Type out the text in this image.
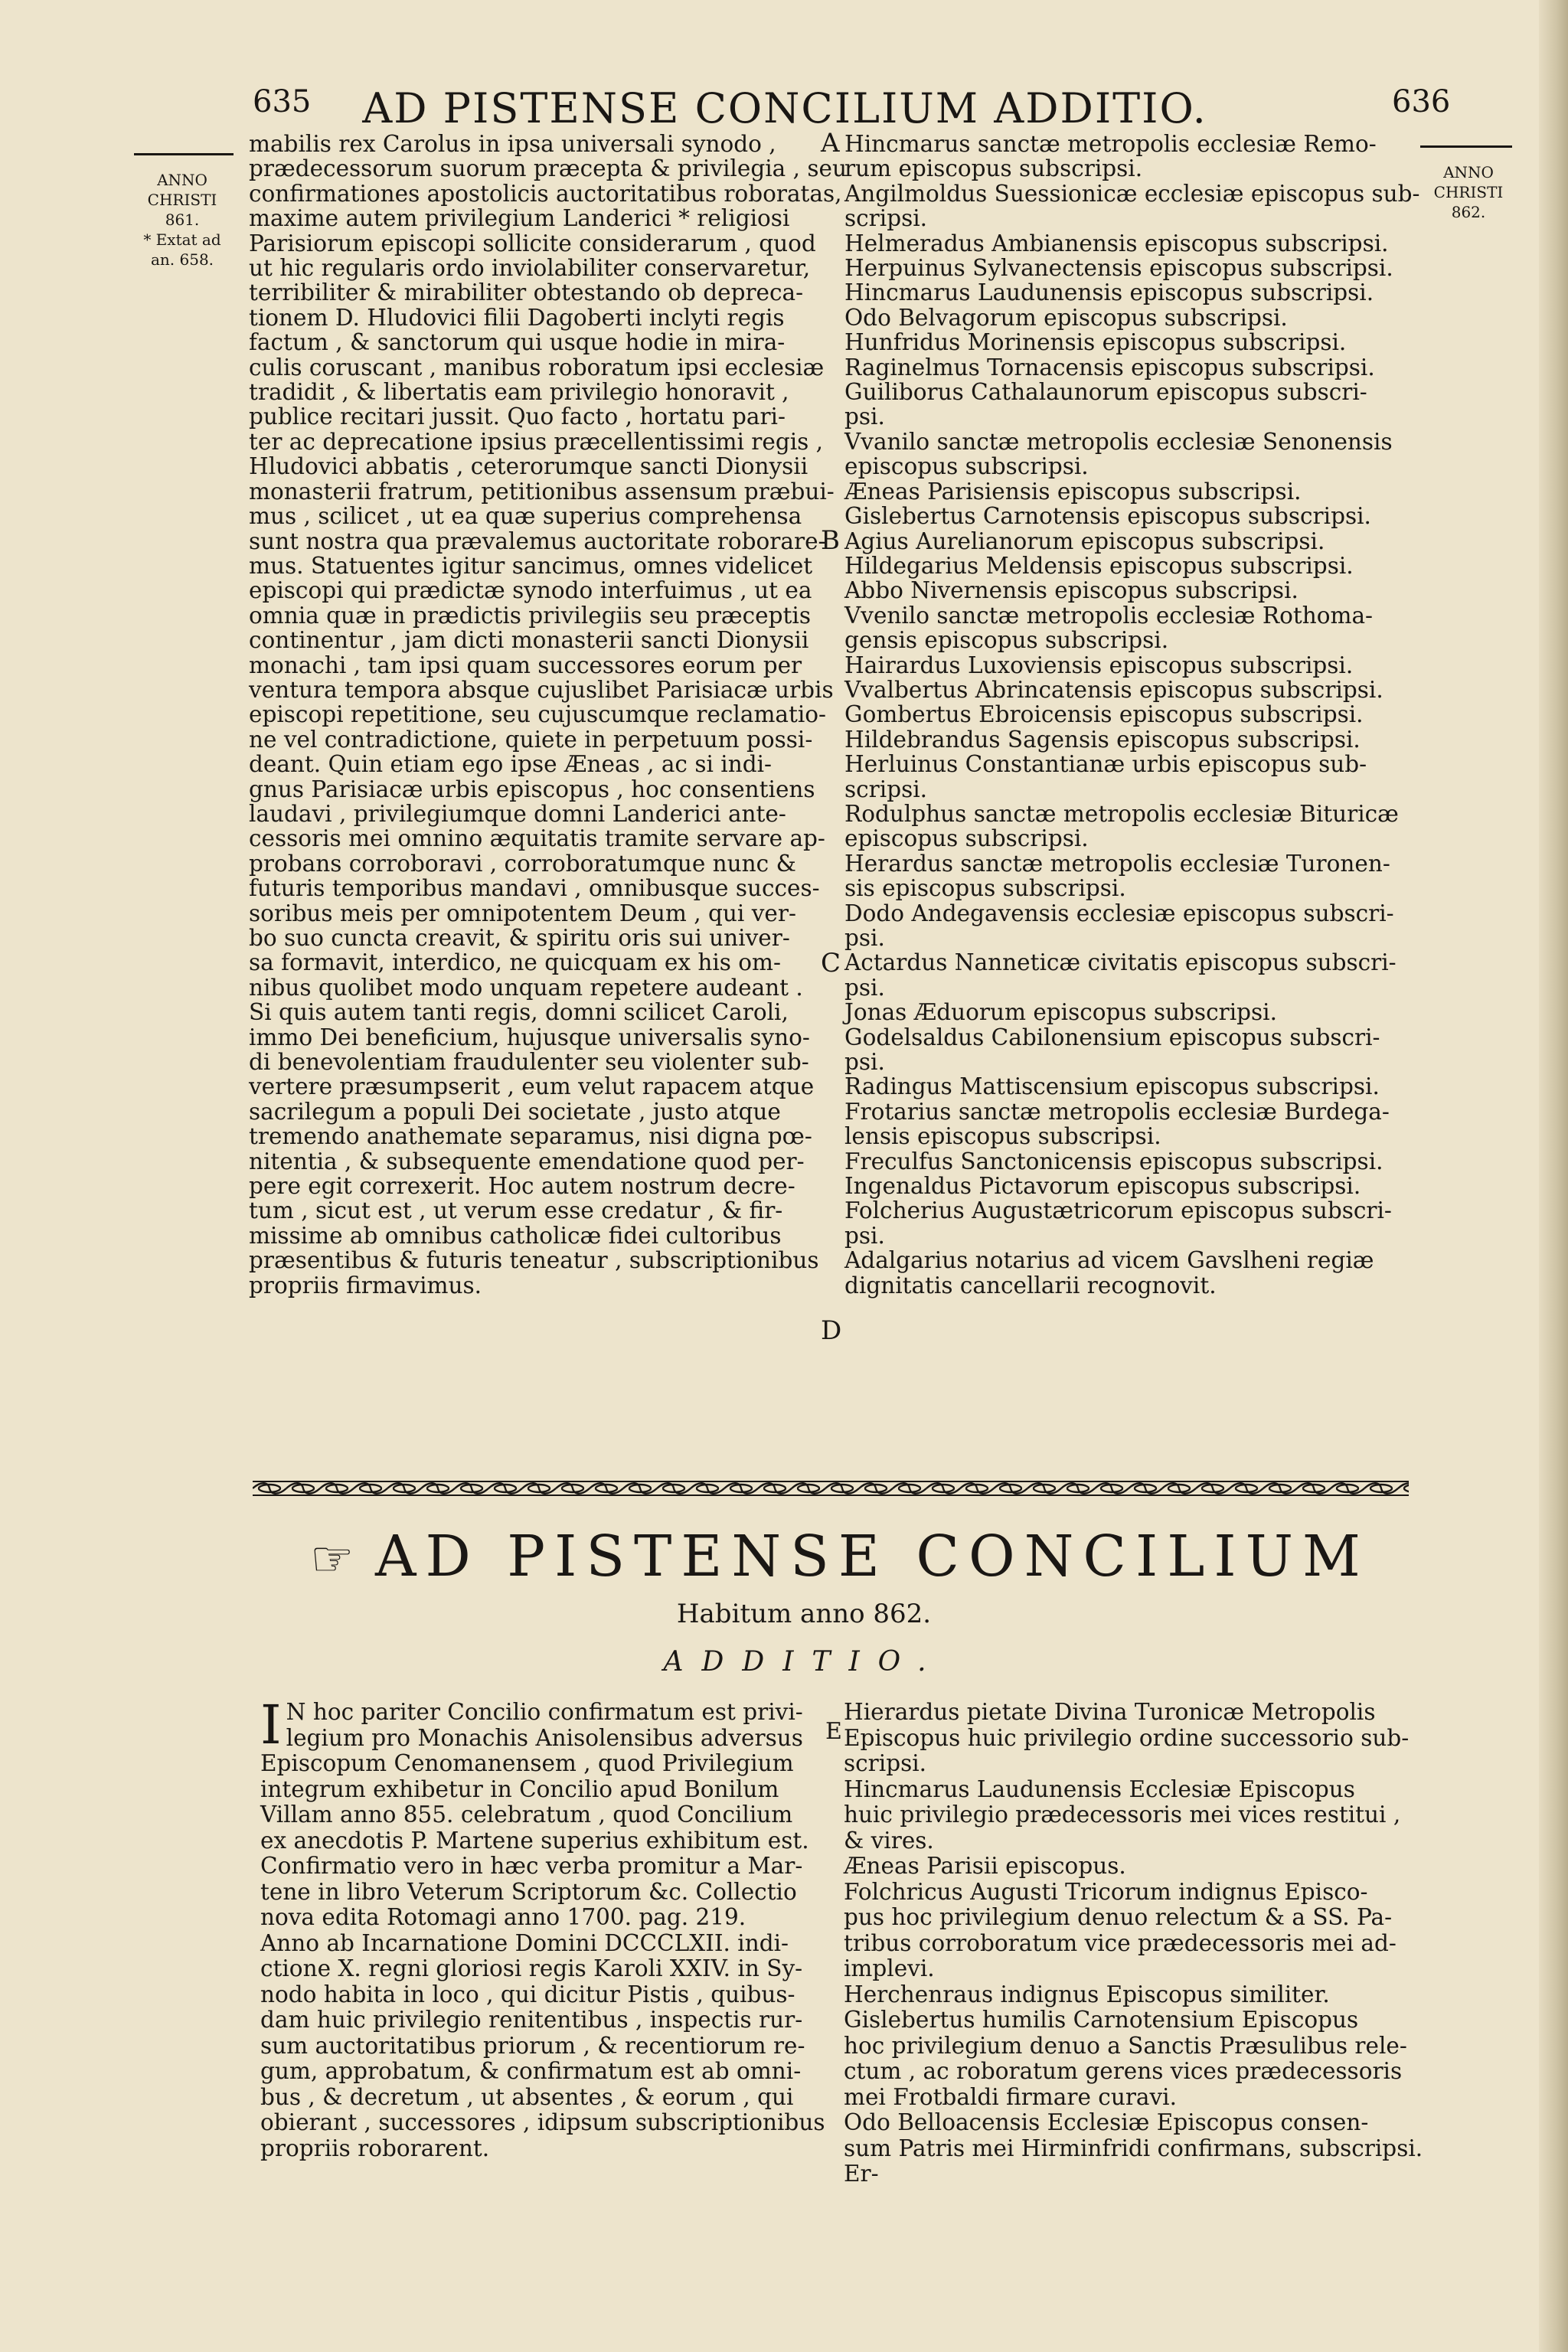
635	AD PISTENSE CONCILIUM ADDITIO.	636
ANNO
CHRISTI
861.
* Extat ad
an. 658.
ANNO
CHRISTI
862.

mabilis rex Carolus in ipsa universali synodo ,

prædecessorum suorum præcepta & privilegia , seu

confirmationes apostolicis auctoritatibus roboratas,

maxime autem privilegium Landerici * religiosi

Parisiorum episcopi sollicite considerarum , quod

ut hic regularis ordo inviolabiliter conservaretur,

terribiliter & mirabiliter obtestando ob depreca-

tionem D. Hludovici filii Dagoberti inclyti regis

factum , & sanctorum qui usque hodie in mira-

culis coruscant , manibus roboratum ipsi ecclesiæ

tradidit , & libertatis eam privilegio honoravit ,

publice recitari jussit. Quo facto , hortatu pari-

ter ac deprecatione ipsius præcellentissimi regis ,

Hludovici abbatis , ceterorumque sancti Dionysii

monasterii fratrum, petitionibus assensum præbui-

mus , scilicet , ut ea quæ superius comprehensa

sunt nostra qua prævalemus auctoritate roborare-

mus. Statuentes igitur sancimus, omnes videlicet

episcopi qui prædictæ synodo interfuimus , ut ea

omnia quæ in prædictis privilegiis seu præceptis

continentur , jam dicti monasterii sancti Dionysii

monachi , tam ipsi quam successores eorum per

ventura tempora absque cujuslibet Parisiacæ urbis

episcopi repetitione, seu cujuscumque reclamatio-

ne vel contradictione, quiete in perpetuum possi-

deant. Quin etiam ego ipse Æneas , ac si indi-

gnus Parisiacæ urbis episcopus , hoc consentiens

laudavi , privilegiumque domni Landerici ante-

cessoris mei omnino æquitatis tramite servare ap-

probans corroboravi , corroboratumque nunc &

futuris temporibus mandavi , omnibusque succes-

soribus meis per omnipotentem Deum , qui ver-

bo suo cuncta creavit, & spiritu oris sui univer-

sa formavit, interdico, ne quicquam ex his om-

nibus quolibet modo unquam repetere audeant .

Si quis autem tanti regis, domni scilicet Caroli,

immo Dei beneficium, hujusque universalis syno-

di benevolentiam fraudulenter seu violenter sub-

vertere præsumpserit , eum velut rapacem atque

sacrilegum a populi Dei societate , justo atque

tremendo anathemate separamus, nisi digna pœ-

nitentia , & subsequente emendatione quod per-

pere egit correxerit. Hoc autem nostrum decre-

tum , sicut est , ut verum esse credatur , & fir-

missime ab omnibus catholicæ fidei cultoribus

præsentibus & futuris teneatur , subscriptionibus

propriis firmavimus.

A
B
C
D

Hincmarus sanctæ metropolis ecclesiæ Remo-

rum episcopus subscripsi.

Angilmoldus Suessionicæ ecclesiæ episcopus sub-

scripsi.

Helmeradus Ambianensis episcopus subscripsi.

Herpuinus Sylvanectensis episcopus subscripsi.

Hincmarus Laudunensis episcopus subscripsi.

Odo Belvagorum episcopus subscripsi.

Hunfridus Morinensis episcopus subscripsi.

Raginelmus Tornacensis episcopus subscripsi.

Guiliborus Cathalaunorum episcopus subscri-

psi.

Vvanilo sanctæ metropolis ecclesiæ Senonensis

episcopus subscripsi.

Æneas Parisiensis episcopus subscripsi.

Gislebertus Carnotensis episcopus subscripsi.

Agius Aurelianorum episcopus subscripsi.

Hildegarius Meldensis episcopus subscripsi.

Abbo Nivernensis episcopus subscripsi.

Vvenilo sanctæ metropolis ecclesiæ Rothoma-

gensis episcopus subscripsi.

Hairardus Luxoviensis episcopus subscripsi.

Vvalbertus Abrincatensis episcopus subscripsi.

Gombertus Ebroicensis episcopus subscripsi.

Hildebrandus Sagensis episcopus subscripsi.

Herluinus Constantianæ urbis episcopus sub-

scripsi.

Rodulphus sanctæ metropolis ecclesiæ Bituricæ

episcopus subscripsi.

Herardus sanctæ metropolis ecclesiæ Turonen-

sis episcopus subscripsi.

Dodo Andegavensis ecclesiæ episcopus subscri-

psi.

Actardus Nanneticæ civitatis episcopus subscri-

psi.

Jonas Æduorum episcopus subscripsi.

Godelsaldus Cabilonensium episcopus subscri-

psi.

Radingus Mattiscensium episcopus subscripsi.

Frotarius sanctæ metropolis ecclesiæ Burdega-

lensis episcopus subscripsi.

Freculfus Sanctonicensis episcopus subscripsi.

Ingenaldus Pictavorum episcopus subscripsi.

Folcherius Augustætricorum episcopus subscri-

psi.

Adalgarius notarius ad vicem Gavslheni regiæ

dignitatis cancellarii recognovit.

☞ AD PISTENSE CONCILIUM
Habitum anno 862.
ADDITIO.
I N hoc pariter Concilio confirmatum est privi-

legium pro Monachis Anisolensibus adversus

Episcopum Cenomanensem , quod Privilegium

integrum exhibetur in Concilio apud Bonilum

Villam anno 855. celebratum , quod Concilium

ex anecdotis P. Martene superius exhibitum est.

Confirmatio vero in hæc verba promitur a Mar-

tene in libro Veterum Scriptorum &c. Collectio

nova edita Rotomagi anno 1700. pag. 219.

Anno ab Incarnatione Domini DCCCLXII. indi-

ctione X. regni gloriosi regis Karoli XXIV. in Sy-

nodo habita in loco , qui dicitur Pistis , quibus-

dam huic privilegio renitentibus , inspectis rur-

sum auctoritatibus priorum , & recentiorum re-

gum, approbatum, & confirmatum est ab omni-

bus , & decretum , ut absentes , & eorum , qui

obierant , successores , idipsum subscriptionibus

propriis roborarent.

E

Hierardus pietate Divina Turonicæ Metropolis

Episcopus huic privilegio ordine successorio sub-

scripsi.

Hincmarus Laudunensis Ecclesiæ Episcopus

huic privilegio prædecessoris mei vices restitui ,

& vires.

Æneas Parisii episcopus.

Folchricus Augusti Tricorum indignus Episco-

pus hoc privilegium denuo relectum & a SS. Pa-

tribus corroboratum vice prædecessoris mei ad-

implevi.

Herchenraus indignus Episcopus similiter.

Gislebertus humilis Carnotensium Episcopus

hoc privilegium denuo a Sanctis Præsulibus rele-

ctum , ac roboratum gerens vices prædecessoris

mei Frotbaldi firmare curavi.

Odo Belloacensis Ecclesiæ Episcopus consen-

sum Patris mei Hirminfridi confirmans, subscripsi.

Er-
